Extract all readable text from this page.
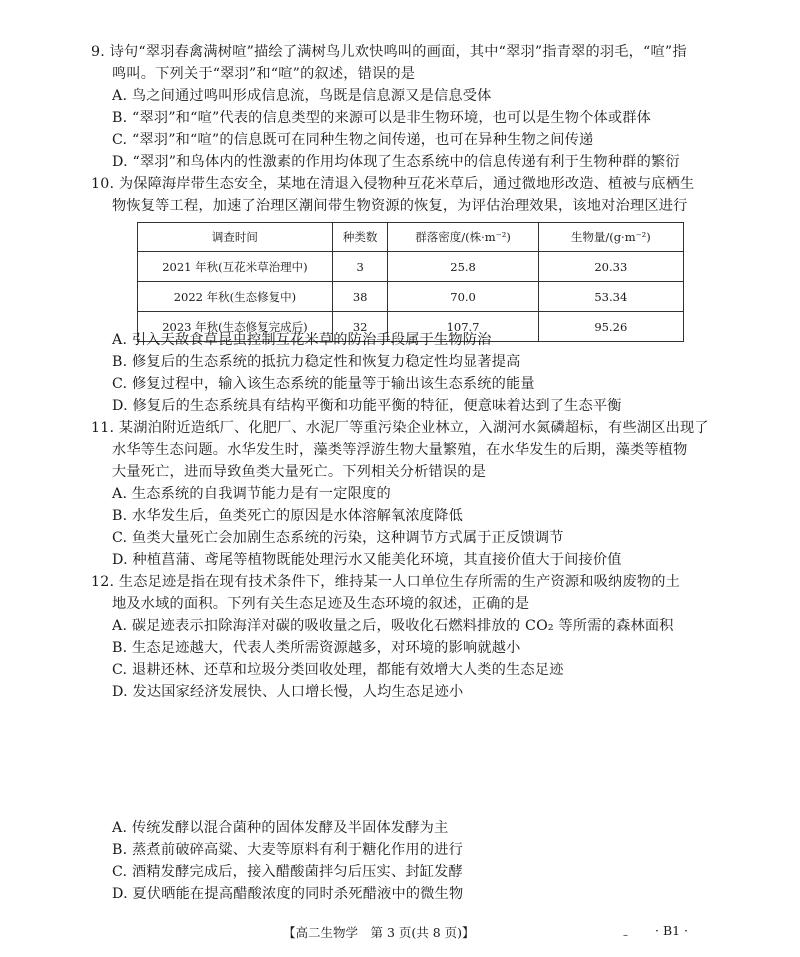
9. 诗句“翠羽春禽满树喧”描绘了满树鸟儿欢快鸣叫的画面，其中“翠羽”指青翠的羽毛，“喧”指
鸣叫。下列关于“翠羽”和“喧”的叙述，错误的是
A. 鸟之间通过鸣叫形成信息流，鸟既是信息源又是信息受体
B. “翠羽”和“喧”代表的信息类型的来源可以是非生物环境，也可以是生物个体或群体
C. “翠羽”和“喧”的信息既可在同种生物之间传递，也可在异种生物之间传递
D. “翠羽”和鸟体内的性激素的作用均体现了生态系统中的信息传递有利于生物种群的繁衍
10. 为保障海岸带生态安全，某地在清退入侵物种互花米草后，通过微地形改造、植被与底栖生
物恢复等工程，加速了治理区潮间带生物资源的恢复，为评估治理效果，该地对治理区进行
调查时间	种类数	群落密度/(株·m⁻²)	生物量/(g·m⁻²)
2021 年秋(互花米草治理中)	3	25.8	20.33
2022 年秋(生态修复中)	38	70.0	53.34
2023 年秋(生态修复完成后)	32	107.7	95.26
A. 引入天敌食草昆虫控制互花米草的防治手段属于生物防治
B. 修复后的生态系统的抵抗力稳定性和恢复力稳定性均显著提高
C. 修复过程中，输入该生态系统的能量等于输出该生态系统的能量
D. 修复后的生态系统具有结构平衡和功能平衡的特征，便意味着达到了生态平衡
11. 某湖泊附近造纸厂、化肥厂、水泥厂等重污染企业林立，入湖河水氮磷超标，有些湖区出现了
水华等生态问题。水华发生时，藻类等浮游生物大量繁殖，在水华发生的后期，藻类等植物
大量死亡，进而导致鱼类大量死亡。下列相关分析错误的是
A. 生态系统的自我调节能力是有一定限度的
B. 水华发生后，鱼类死亡的原因是水体溶解氧浓度降低
C. 鱼类大量死亡会加剧生态系统的污染，这种调节方式属于正反馈调节
D. 种植菖蒲、鸢尾等植物既能处理污水又能美化环境，其直接价值大于间接价值
12. 生态足迹是指在现有技术条件下，维持某一人口单位生存所需的生产资源和吸纳废物的土
地及水域的面积。下列有关生态足迹及生态环境的叙述，正确的是
A. 碳足迹表示扣除海洋对碳的吸收量之后，吸收化石燃料排放的 CO₂ 等所需的森林面积
B. 生态足迹越大，代表人类所需资源越多，对环境的影响就越小
C. 退耕还林、还草和垃圾分类回收处理，都能有效增大人类的生态足迹
D. 发达国家经济发展快、人口增长慢，人均生态足迹小
A. 传统发酵以混合菌种的固体发酵及半固体发酵为主
B. 蒸煮前破碎高粱、大麦等原料有利于糖化作用的进行
C. 酒精发酵完成后，接入醋酸菌拌匀后压实、封缸发酵
D. 夏伏晒能在提高醋酸浓度的同时杀死醋液中的微生物
【高二生物学　第 3 页(共 8 页)】	– · B1 ·
